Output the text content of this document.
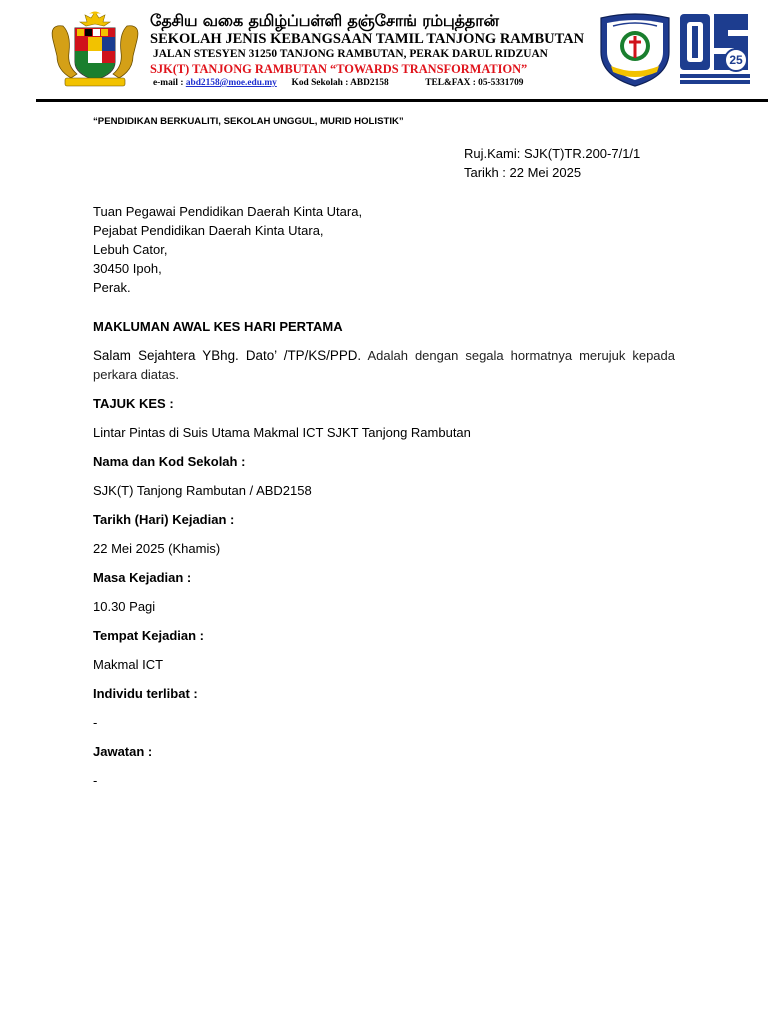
தேசிய வகை தமிழ்ப்பள்ளி தஞ்சோங் ரம்புத்தான்
SEKOLAH JENIS KEBANGSAAN TAMIL TANJONG RAMBUTAN
JALAN STESYEN 31250 TANJONG RAMBUTAN, PERAK DARUL RIDZUAN
SJK(T) TANJONG RAMBUTAN “TOWARDS TRANSFORMATION”
e-mail : abd2158@moe.edu.my Kod Sekolah : ABD2158	TEL&FAX : 05-5331709
25
“PENDIDIKAN BERKUALITI, SEKOLAH UNGGUL, MURID HOLISTIK”
Ruj.Kami: SJK(T)TR.200-7/1/1
Tarikh : 22 Mei 2025
Tuan Pegawai Pendidikan Daerah Kinta Utara,
Pejabat Pendidikan Daerah Kinta Utara,
Lebuh Cator,
30450 Ipoh,
Perak.
MAKLUMAN AWAL KES HARI PERTAMA
Salam Sejahtera YBhg. Dato’ /TP/KS/PPD. Adalah dengan segala hormatnya merujuk kepada perkara diatas.
TAJUK KES :
Lintar Pintas di Suis Utama Makmal ICT SJKT Tanjong Rambutan
Nama dan Kod Sekolah :
SJK(T) Tanjong Rambutan / ABD2158
Tarikh (Hari) Kejadian :
22 Mei 2025 (Khamis)
Masa Kejadian :
10.30 Pagi
Tempat Kejadian :
Makmal ICT
Individu terlibat :
-
Jawatan :
-
